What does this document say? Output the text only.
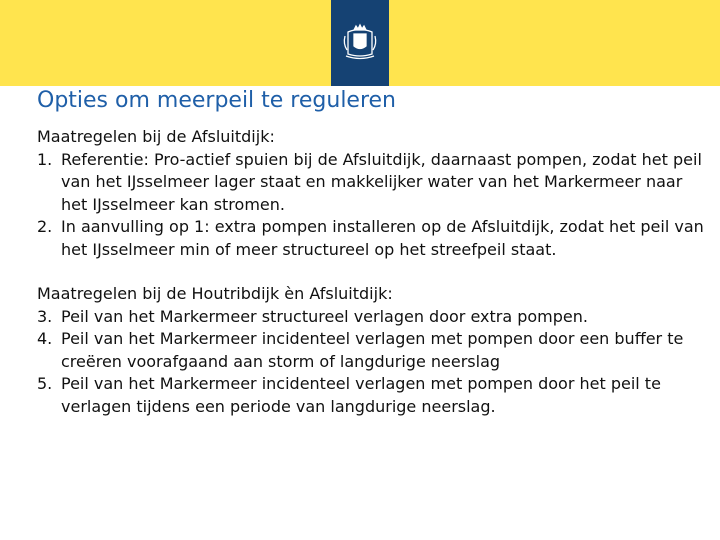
Opties om meerpeil te reguleren
Maatregelen bij de Afsluitdijk:
1. Referentie: Pro-actief spuien bij de Afsluitdijk, daarnaast pompen, zodat het peil van het IJsselmeer lager staat en makkelijker water van het Markermeer naar het IJsselmeer kan stromen.
2. In aanvulling op 1: extra pompen installeren op de Afsluitdijk, zodat het peil van het IJsselmeer min of meer structureel op het streefpeil staat.
Maatregelen bij de Houtribdijk èn Afsluitdijk:
3. Peil van het Markermeer structureel verlagen door extra pompen.
4. Peil van het Markermeer incidenteel verlagen met pompen door een buffer te creëren voorafgaand aan storm of langdurige neerslag
5. Peil van het Markermeer incidenteel verlagen met pompen door het peil te verlagen tijdens een periode van langdurige neerslag.
